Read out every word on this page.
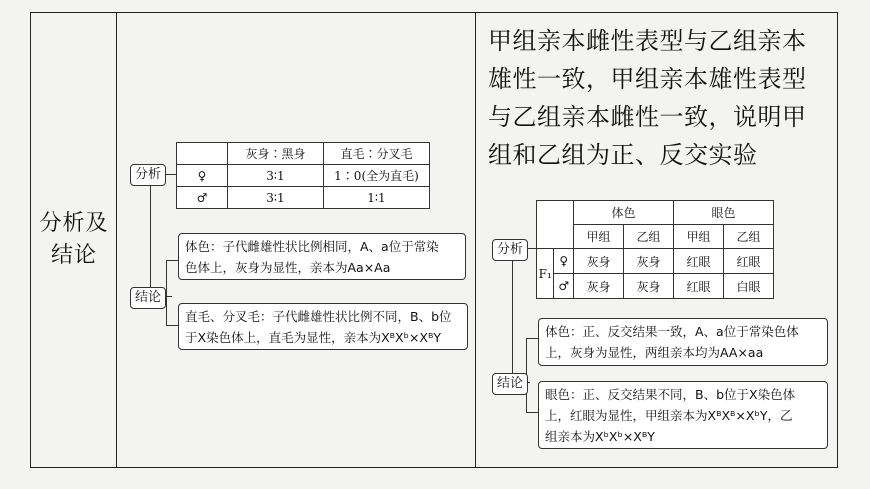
分析及
结论
分析
结论
	灰身∶黑身	直毛∶分叉毛
♀	3∶1	1∶0(全为直毛)
♂	3∶1	1∶1
体色：子代雌雄性状比例相同，A、a位于常染
色体上，灰身为显性，亲本为Aa×Aa
直毛、分叉毛：子代雌雄性状比例不同，B、b位
于X染色体上，直毛为显性，亲本为XᴮXᵇ×XᴮY
甲组亲本雌性表型与乙组亲本
雄性一致，甲组亲本雄性表型
与乙组亲本雌性一致，说明甲
组和乙组为正、反交实验
分析
结论
		体色		眼色	
		甲组	乙组	甲组	乙组
F₁	♀	灰身	灰身	红眼	红眼
	♂	灰身	灰身	红眼	白眼
体色：正、反交结果一致，A、a位于常染色体
上，灰身为显性，两组亲本均为AA×aa
眼色：正、反交结果不同，B、b位于X染色体
上，红眼为显性，甲组亲本为XᴮXᴮ×XᵇY，乙
组亲本为XᵇXᵇ×XᴮY
